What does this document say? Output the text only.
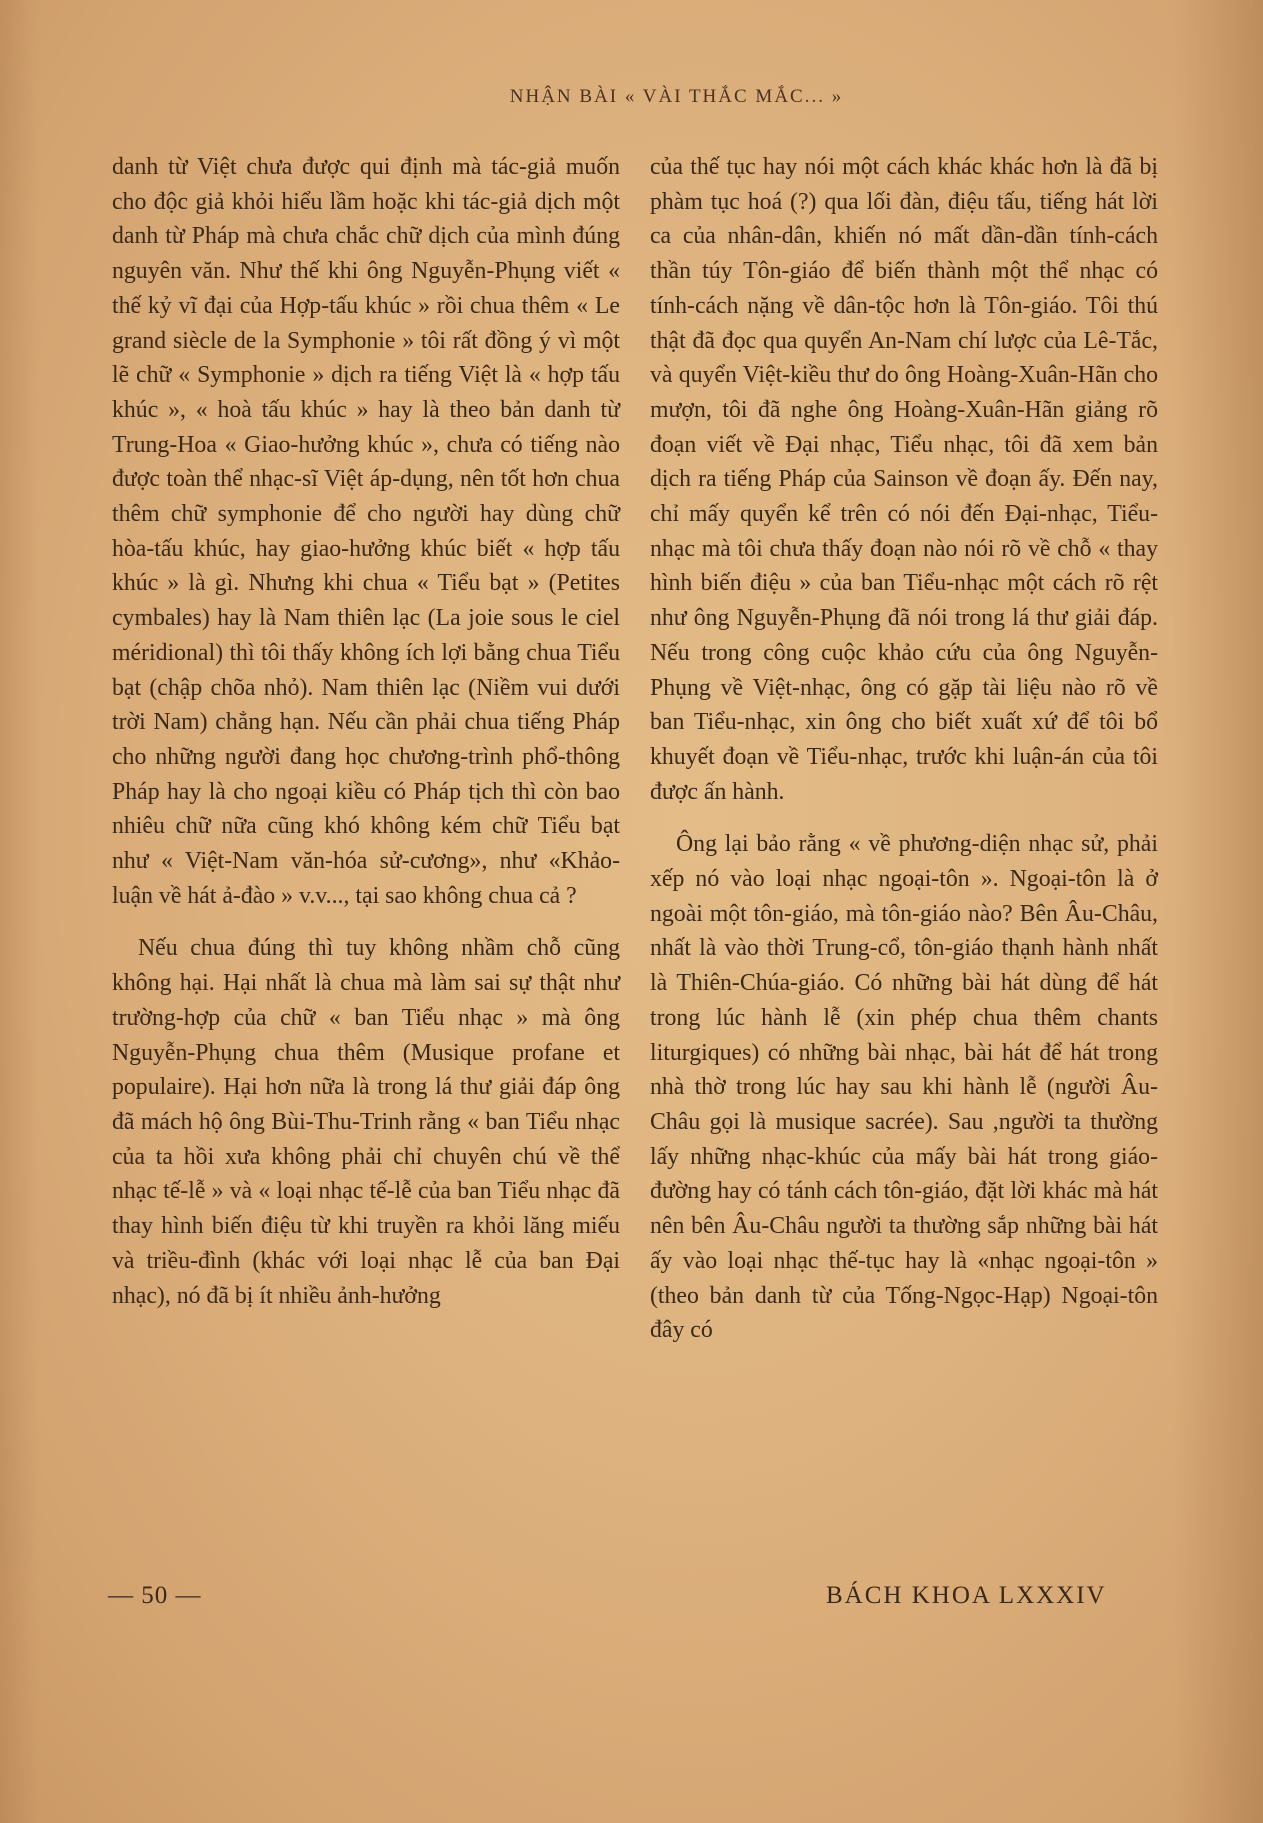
NHẬN BÀI « VÀI THẮC MẮC... »

danh từ Việt chưa được qui định mà tác-giả muốn cho độc giả khỏi hiểu lầm hoặc khi tác-giả dịch một danh từ Pháp mà chưa chắc chữ dịch của mình đúng nguyên văn. Như thế khi ông Nguyễn-Phụng viết « thế kỷ vĩ đại của Hợp-tấu khúc » rồi chua thêm « Le grand siècle de la Symphonie » tôi rất đồng ý vì một lẽ chữ « Symphonie » dịch ra tiếng Việt là « hợp tấu khúc », « hoà tấu khúc » hay là theo bản danh từ Trung-Hoa « Giao-hưởng khúc », chưa có tiếng nào được toàn thể nhạc-sĩ Việt áp-dụng, nên tốt hơn chua thêm chữ symphonie để cho người hay dùng chữ hòa-tấu khúc, hay giao-hưởng khúc biết « hợp tấu khúc » là gì. Nhưng khi chua « Tiểu bạt » (Petites cymbales) hay là Nam thiên lạc (La joie sous le ciel méridional) thì tôi thấy không ích lợi bằng chua Tiểu bạt (chập chõa nhỏ). Nam thiên lạc (Niềm vui dưới trời Nam) chẳng hạn. Nếu cần phải chua tiếng Pháp cho những người đang học chương-trình phổ-thông Pháp hay là cho ngoại kiều có Pháp tịch thì còn bao nhiêu chữ nữa cũng khó không kém chữ Tiểu bạt như « Việt-Nam văn-hóa sử-cương», như «Khảo-luận về hát ả-đào » v.v..., tại sao không chua cả ?

Nếu chua đúng thì tuy không nhầm chỗ cũng không hại. Hại nhất là chua mà làm sai sự thật như trường-hợp của chữ « ban Tiểu nhạc » mà ông Nguyễn-Phụng chua thêm (Musique profane et populaire). Hại hơn nữa là trong lá thư giải đáp ông đã mách hộ ông Bùi-Thu-Trinh rằng « ban Tiểu nhạc của ta hồi xưa không phải chỉ chuyên chú về thể nhạc tế-lễ » và « loại nhạc tế-lễ của ban Tiểu nhạc đã thay hình biến điệu từ khi truyền ra khỏi lăng miếu và triều-đình (khác với loại nhạc lễ của ban Đại nhạc), nó đã bị ít nhiều ảnh-hưởng

của thế tục hay nói một cách khác khác hơn là đã bị phàm tục hoá (?) qua lối đàn, điệu tấu, tiếng hát lời ca của nhân-dân, khiến nó mất dần-dần tính-cách thần túy Tôn-giáo để biến thành một thể nhạc có tính-cách nặng về dân-tộc hơn là Tôn-giáo. Tôi thú thật đã đọc qua quyển An-Nam chí lược của Lê-Tắc, và quyển Việt-kiều thư do ông Hoàng-Xuân-Hãn cho mượn, tôi đã nghe ông Hoàng-Xuân-Hãn giảng rõ đoạn viết về Đại nhạc, Tiểu nhạc, tôi đã xem bản dịch ra tiếng Pháp của Sainson về đoạn ấy. Đến nay, chỉ mấy quyển kể trên có nói đến Đại-nhạc, Tiểu-nhạc mà tôi chưa thấy đoạn nào nói rõ về chỗ « thay hình biến điệu » của ban Tiểu-nhạc một cách rõ rệt như ông Nguyễn-Phụng đã nói trong lá thư giải đáp. Nếu trong công cuộc khảo cứu của ông Nguyễn-Phụng về Việt-nhạc, ông có gặp tài liệu nào rõ về ban Tiểu-nhạc, xin ông cho biết xuất xứ để tôi bổ khuyết đoạn về Tiểu-nhạc, trước khi luận-án của tôi được ấn hành.

Ông lại bảo rằng « về phương-diện nhạc sử, phải xếp nó vào loại nhạc ngoại-tôn ». Ngoại-tôn là ở ngoài một tôn-giáo, mà tôn-giáo nào? Bên Âu-Châu, nhất là vào thời Trung-cổ, tôn-giáo thạnh hành nhất là Thiên-Chúa-giáo. Có những bài hát dùng để hát trong lúc hành lễ (xin phép chua thêm chants liturgiques) có những bài nhạc, bài hát để hát trong nhà thờ trong lúc hay sau khi hành lễ (người Âu-Châu gọi là musique sacrée). Sau ,người ta thường lấy những nhạc-khúc của mấy bài hát trong giáo-đường hay có tánh cách tôn-giáo, đặt lời khác mà hát nên bên Âu-Châu người ta thường sắp những bài hát ấy vào loại nhạc thế-tục hay là «nhạc ngoại-tôn » (theo bản danh từ của Tống-Ngọc-Hạp) Ngoại-tôn đây có

— 50 —	BÁCH KHOA LXXXIV
